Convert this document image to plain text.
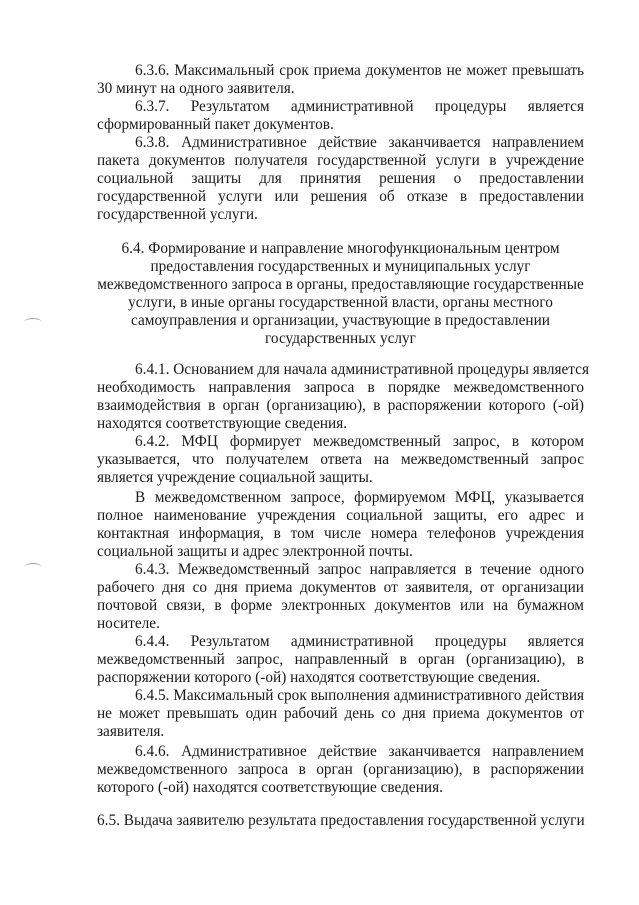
6.3.6. Максимальный срок приема документов не может превышать
30 минут на одного заявителя.
6.3.7. Результатом административной процедуры является
сформированный пакет документов.
6.3.8. Административное действие заканчивается направлением
пакета документов получателя государственной услуги в учреждение
социальной защиты для принятия решения о предоставлении
государственной услуги или решения об отказе в предоставлении
государственной услуги.
6.4. Формирование и направление многофункциональным центром
предоставления государственных и муниципальных услуг
межведомственного запроса в органы, предоставляющие государственные
услуги, в иные органы государственной власти, органы местного
самоуправления и организации, участвующие в предоставлении
государственных услуг
6.4.1. Основанием для начала административной процедуры является
необходимость направления запроса в порядке межведомственного
взаимодействия в орган (организацию), в распоряжении которого (-ой)
находятся соответствующие сведения.
6.4.2. МФЦ формирует межведомственный запрос, в котором
указывается, что получателем ответа на межведомственный запрос
является учреждение социальной защиты.
В межведомственном запросе, формируемом МФЦ, указывается
полное наименование учреждения социальной защиты, его адрес и
контактная информация, в том числе номера телефонов учреждения
социальной защиты и адрес электронной почты.
6.4.3. Межведомственный запрос направляется в течение одного
рабочего дня со дня приема документов от заявителя, от организации
почтовой связи, в форме электронных документов или на бумажном
носителе.
6.4.4. Результатом административной процедуры является
межведомственный запрос, направленный в орган (организацию), в
распоряжении которого (-ой) находятся соответствующие сведения.
6.4.5. Максимальный срок выполнения административного действия
не может превышать один рабочий день со дня приема документов от
заявителя.
6.4.6. Административное действие заканчивается направлением
межведомственного запроса в орган (организацию), в распоряжении
которого (-ой) находятся соответствующие сведения.
6.5. Выдача заявителю результата предоставления государственной услуги
